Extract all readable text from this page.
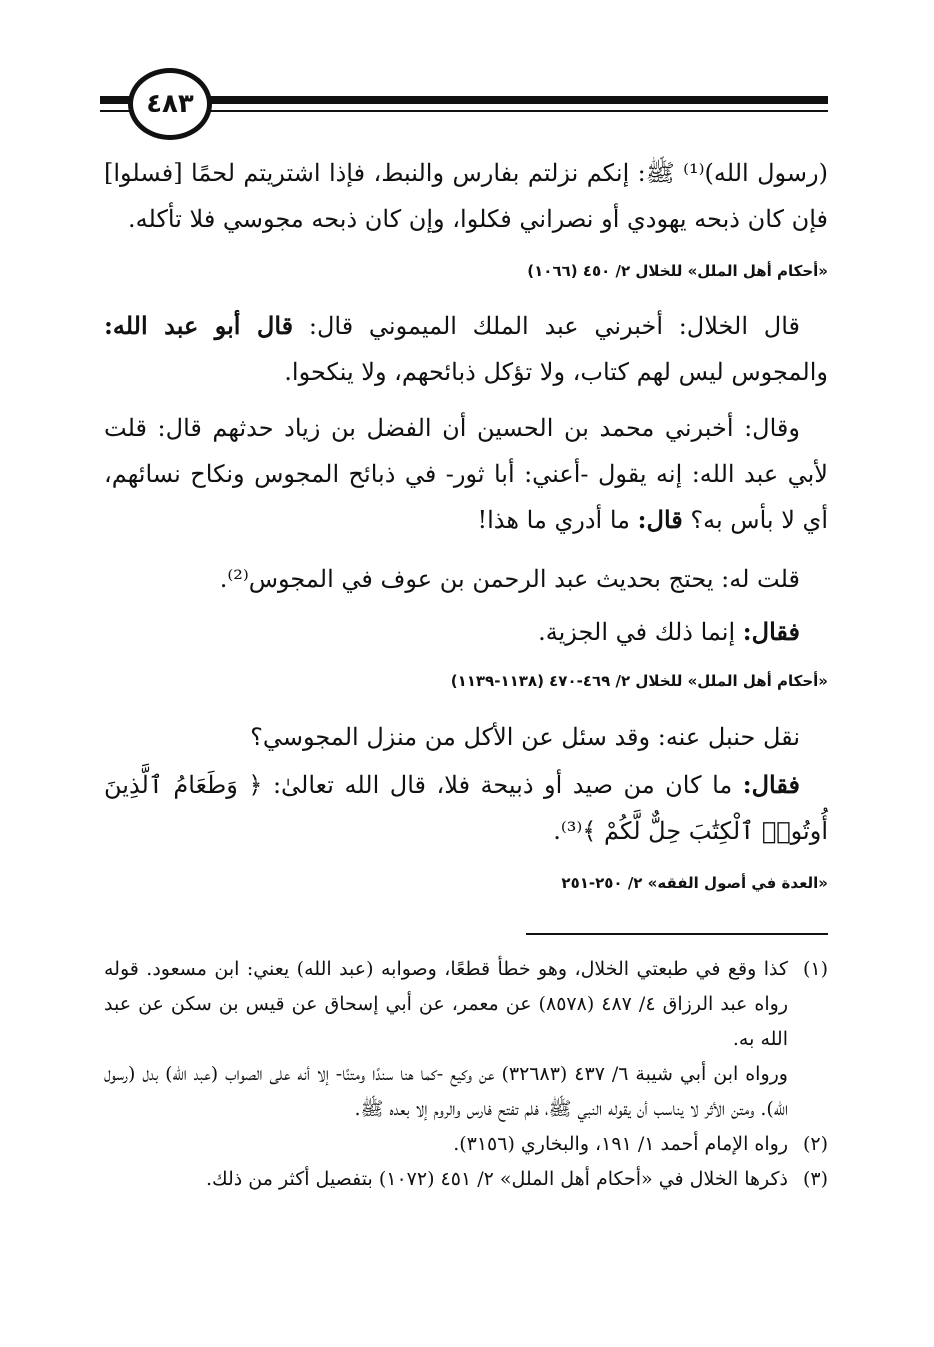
٤٨٣

(رسول الله)⁽¹⁾ ﷺ: إنكم نزلتم بفارس والنبط، فإذا اشتريتم لحمًا [فسلوا]

فإن كان ذبحه يهودي أو نصراني فكلوا، وإن كان ذبحه مجوسي فلا تأكله.

«أحكام أهل الملل» للخلال ٢/ ٤٥٠ (١٠٦٦)

قال الخلال: أخبرني عبد الملك الميموني قال: قال أبو عبد الله: والمجوس ليس لهم كتاب، ولا تؤكل ذبائحهم، ولا ينكحوا.

وقال: أخبرني محمد بن الحسين أن الفضل بن زياد حدثهم قال: قلت لأبي عبد الله: إنه يقول -أعني: أبا ثور- في ذبائح المجوس ونكاح نسائهم، أي لا بأس به؟ قال: ما أدري ما هذا!

قلت له: يحتج بحديث عبد الرحمن بن عوف في المجوس⁽²⁾.

فقال: إنما ذلك في الجزية.

«أحكام أهل الملل» للخلال ٢/ ٤٦٩-٤٧٠ (١١٣٨-١١٣٩)

نقل حنبل عنه: وقد سئل عن الأكل من منزل المجوسي؟

فقال: ما كان من صيد أو ذبيحة فلا، قال الله تعالىٰ: ﴿ وَطَعَامُ ٱلَّذِينَ أُوتُوا۟ ٱلْكِتَٰبَ حِلٌّ لَّكُمْ ﴾⁽³⁾.

«العدة في أصول الفقه» ٢/ ٢٥٠-٢٥١
(١)
كذا وقع في طبعتي الخلال، وهو خطأ قطعًا، وصوابه (عبد الله) يعني: ابن مسعود. قوله رواه عبد الرزاق ٤/ ٤٨٧ (٨٥٧٨) عن معمر، عن أبي إسحاق عن قيس بن سكن عن عبد الله به.
ورواه ابن أبي شيبة ٦/ ٤٣٧ (٣٢٦٨٣) عن وكيع -كما هنا سندًا ومتنًا- إلا أنه على الصواب (عبد الله) بدل (رسول الله). ومتن الأثر لا يناسب أن يقوله النبي ﷺ، فلم تفتح فارس والروم إلا بعده ﷺ.
(٢)
رواه الإمام أحمد ١/ ١٩١، والبخاري (٣١٥٦).
(٣)
ذكرها الخلال في «أحكام أهل الملل» ٢/ ٤٥١ (١٠٧٢) بتفصيل أكثر من ذلك.
